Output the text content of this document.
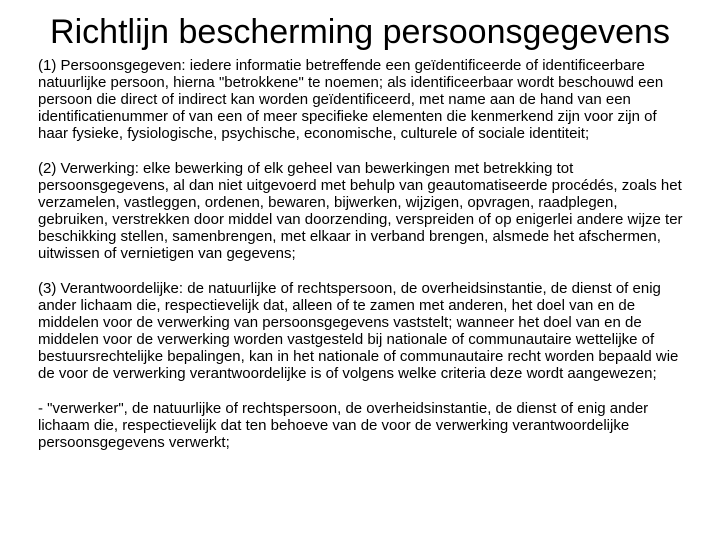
Richtlijn bescherming persoonsgegevens

(1) Persoonsgegeven: iedere informatie betreffende een geïdentificeerde of identificeerbare natuurlijke persoon, hierna "betrokkene" te noemen; als identificeerbaar wordt beschouwd een persoon die direct of indirect kan worden geïdentificeerd, met name aan de hand van een identificatienummer of van een of meer specifieke elementen die kenmerkend zijn voor zijn of haar fysieke, fysiologische, psychische, economische, culturele of sociale identiteit;

(2) Verwerking: elke bewerking of elk geheel van bewerkingen met betrekking tot persoonsgegevens, al dan niet uitgevoerd met behulp van geautomatiseerde procédés, zoals het verzamelen, vastleggen, ordenen, bewaren, bijwerken, wijzigen, opvragen, raadplegen, gebruiken, verstrekken door middel van doorzending, verspreiden of op enigerlei andere wijze ter beschikking stellen, samenbrengen, met elkaar in verband brengen, alsmede het afschermen, uitwissen of vernietigen van gegevens;

(3) Verantwoordelijke: de natuurlijke of rechtspersoon, de overheidsinstantie, de dienst of enig ander lichaam die, respectievelijk dat, alleen of te zamen met anderen, het doel van en de middelen voor de verwerking van persoonsgegevens vaststelt; wanneer het doel van en de middelen voor de verwerking worden vastgesteld bij nationale of communautaire wettelijke of bestuursrechtelijke bepalingen, kan in het nationale of communautaire recht worden bepaald wie de voor de verwerking verantwoordelijke is of volgens welke criteria deze wordt aangewezen;

- "verwerker", de natuurlijke of rechtspersoon, de overheidsinstantie, de dienst of enig ander lichaam die, respectievelijk dat ten behoeve van de voor de verwerking verantwoordelijke persoonsgegevens verwerkt;
